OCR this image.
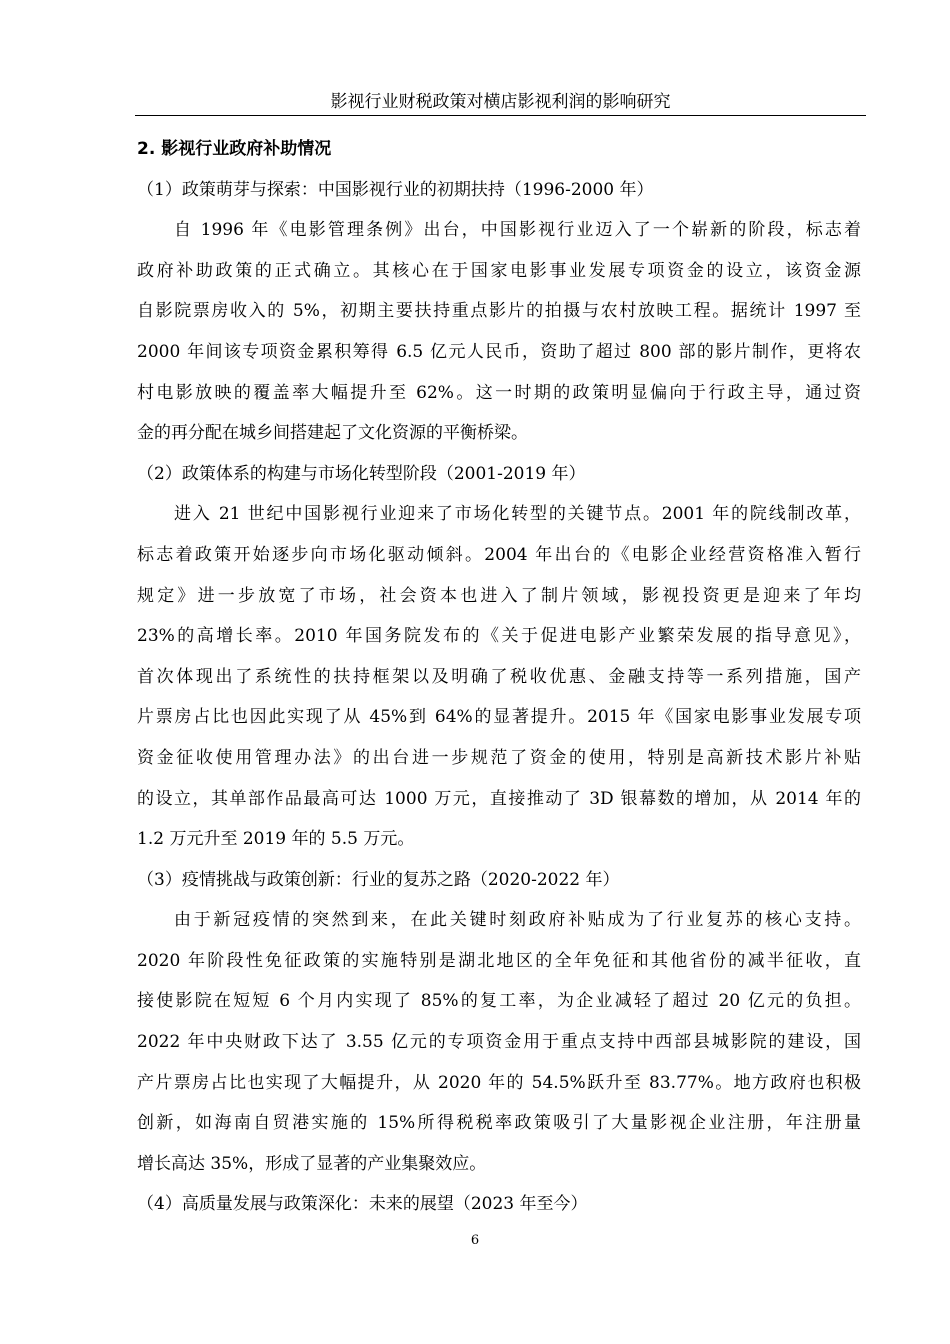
影视行业财税政策对横店影视利润的影响研究
2. 影视行业政府补助情况
（1）政策萌芽与探索：中国影视行业的初期扶持（1996-2000 年）
自 1996 年《电影管理条例》出台，中国影视行业迈入了一个崭新的阶段，标志着
政府补助政策的正式确立。其核心在于国家电影事业发展专项资金的设立，该资金源
自影院票房收入的 5%，初期主要扶持重点影片的拍摄与农村放映工程。据统计 1997 至
2000 年间该专项资金累积筹得 6.5 亿元人民币，资助了超过 800 部的影片制作，更将农
村电影放映的覆盖率大幅提升至 62%。这一时期的政策明显偏向于行政主导，通过资
金的再分配在城乡间搭建起了文化资源的平衡桥梁。
（2）政策体系的构建与市场化转型阶段（2001-2019 年）
进入 21 世纪中国影视行业迎来了市场化转型的关键节点。2001 年的院线制改革，
标志着政策开始逐步向市场化驱动倾斜。2004 年出台的《电影企业经营资格准入暂行
规定》进一步放宽了市场，社会资本也进入了制片领域，影视投资更是迎来了年均
23%的高增长率。2010 年国务院发布的《关于促进电影产业繁荣发展的指导意见》，
首次体现出了系统性的扶持框架以及明确了税收优惠、金融支持等一系列措施，国产
片票房占比也因此实现了从 45%到 64%的显著提升。2015 年《国家电影事业发展专项
资金征收使用管理办法》的出台进一步规范了资金的使用，特别是高新技术影片补贴
的设立，其单部作品最高可达 1000 万元，直接推动了 3D 银幕数的增加，从 2014 年的
1.2 万元升至 2019 年的 5.5 万元。
（3）疫情挑战与政策创新：行业的复苏之路（2020-2022 年）
由于新冠疫情的突然到来，在此关键时刻政府补贴成为了行业复苏的核心支持。
2020 年阶段性免征政策的实施特别是湖北地区的全年免征和其他省份的减半征收，直
接使影院在短短 6 个月内实现了 85%的复工率，为企业减轻了超过 20 亿元的负担。
2022 年中央财政下达了 3.55 亿元的专项资金用于重点支持中西部县城影院的建设，国
产片票房占比也实现了大幅提升，从 2020 年的 54.5%跃升至 83.77%。地方政府也积极
创新，如海南自贸港实施的 15%所得税税率政策吸引了大量影视企业注册，年注册量
增长高达 35%，形成了显著的产业集聚效应。
（4）高质量发展与政策深化：未来的展望（2023 年至今）
6
